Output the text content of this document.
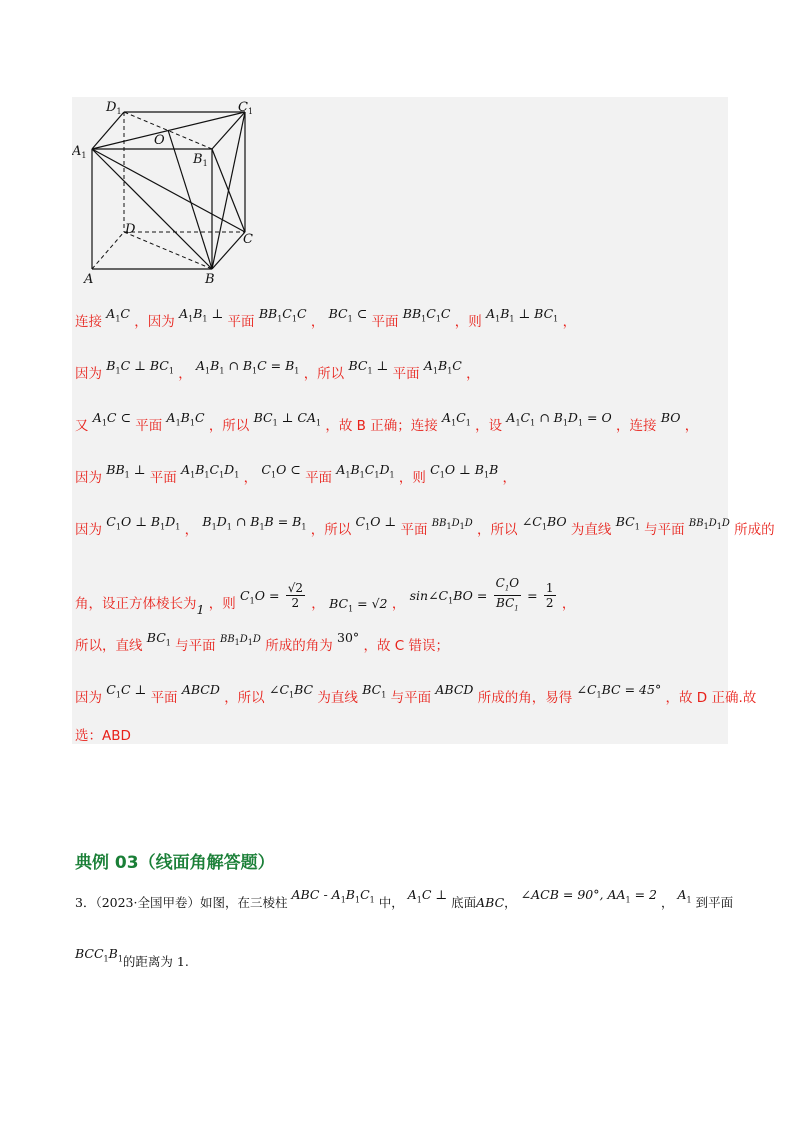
$D_1$	$C_1$
$A_1$	$B_1$
O
D
C
A	B
连接 $A_1C$ ，因为 $A_1B_1$ ⊥ 平面 $BB_1C_1C$ ， $BC_1$ ⊂ 平面 $BB_1C_1C$ ，则 $A_1B_1$ ⊥ $BC_1$ ，
因为 $B_1C$ ⊥ $BC_1$ ， $A_1B_1$ ∩ $B_1C = B_1$ ，所以 $BC_1$ ⊥ 平面 $A_1B_1C$ ，
又 $A_1C$ ⊂ 平面 $A_1B_1C$ ，所以 $BC_1$ ⊥ $CA_1$ ，故 B 正确；连接 $A_1C_1$ ，设 $A_1C_1$ ∩ $B_1D_1 = O$ ，连接 BO ，
因为 $BB_1$ ⊥ 平面 $A_1B_1C_1D_1$ ， $C_1O$ ⊂ 平面 $A_1B_1C_1D_1$ ，则 $C_1O$ ⊥ $B_1B$ ，
因为 $C_1O$ ⊥ $B_1D_1$ ， $B_1D_1$ ∩ $B_1B = B_1$ ，所以 $C_1O$ ⊥ 平面 $^{BB_1D_1D}$ ，所以 $\angle C_1BO$ 为直线 $BC_1$ 与平面 $^{BB_1D_1D}$ 所成的
角，设正方体棱长为1 ，则 $C_1O = \frac{√2}{2}$ ， $BC_1 = √2$ ， $\sin\angle C_1BO = \frac{C_1O}{BC_1} = \frac{1}{2}$ ，
所以，直线 $BC_1$ 与平面 $^{BB_1D_1D}$ 所成的角为 30° ，故 C 错误；
因为 $C_1C$ ⊥ 平面 ABCD ，所以 $\angle C_1BC$ 为直线 $BC_1$ 与平面 ABCD 所成的角，易得 $\angle C_1BC = 45^\circ$ ，故 D 正确.故
选：ABD
典例 03（线面角解答题）
3．（2023·全国甲卷）如图，在三棱柱 ABC - $A_1B_1C_1$ 中， $A_1C$ ⊥ 底面ABC， ∠ACB = 90°, $AA_1 = 2$ ， $A_1$ 到平面
$BCC_1B_1$的距离为 1.
